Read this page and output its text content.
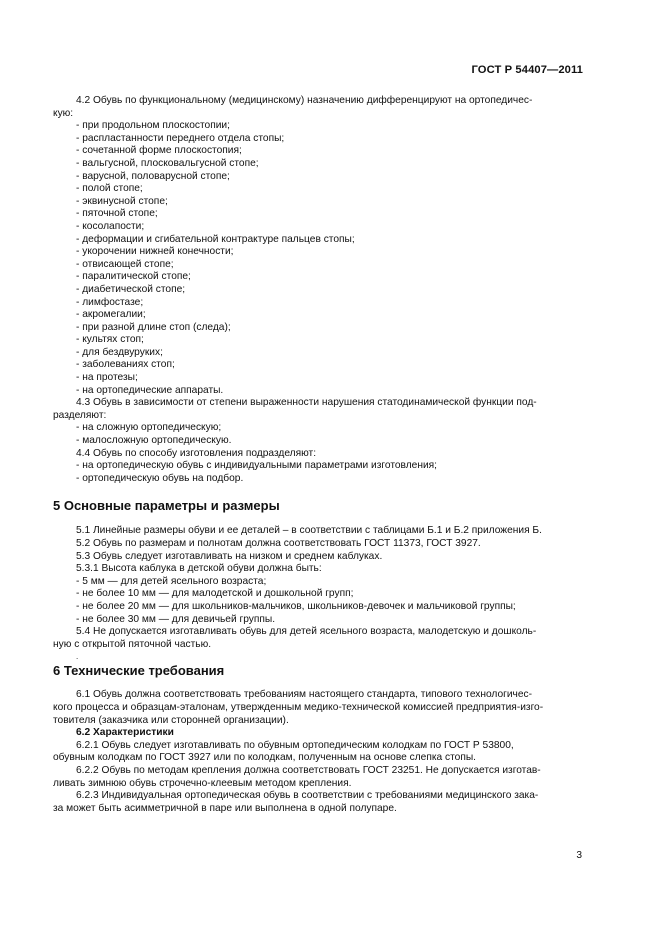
ГОСТ Р 54407—2011
4.2 Обувь по функциональному (медицинскому) назначению дифференцируют на ортопедичес-
кую:
- при продольном плоскостопии;
- распластанности переднего отдела стопы;
- сочетанной форме плоскостопия;
- вальгусной, плосковальгусной стопе;
- варусной, половарусной стопе;
- полой стопе;
- эквинусной стопе;
- пяточной стопе;
- косолапости;
- деформации и сгибательной контрактуре пальцев стопы;
- укорочении нижней конечности;
- отвисающей стопе;
- паралитической стопе;
- диабетической стопе;
- лимфостазе;
- акромегалии;
- при разной длине стоп (следа);
- культях стоп;
- для бездвуруких;
- заболеваниях стоп;
- на протезы;
- на ортопедические аппараты.
4.3 Обувь в зависимости от степени выраженности нарушения статодинамической функции под-
разделяют:
- на сложную ортопедическую;
- малосложную ортопедическую.
4.4 Обувь по способу изготовления подразделяют:
- на ортопедическую обувь с индивидуальными параметрами изготовления;
- ортопедическую обувь на подбор.
5 Основные параметры и размеры
5.1 Линейные размеры обуви и ее деталей – в соответствии с таблицами Б.1 и Б.2 приложения Б.
5.2 Обувь по размерам и полнотам должна соответствовать ГОСТ 11373, ГОСТ 3927.
5.3 Обувь следует изготавливать на низком и среднем каблуках.
5.3.1 Высота каблука в детской обуви должна быть:
- 5 мм — для детей ясельного возраста;
- не более 10 мм — для малодетской и дошкольной групп;
- не более 20 мм — для школьников-мальчиков, школьников-девочек и мальчиковой группы;
- не более 30 мм — для девичьей группы.
5.4 Не допускается изготавливать обувь для детей ясельного возраста, малодетскую и дошколь-
ную с открытой пяточной частью.
.
6 Технические требования
6.1 Обувь должна соответствовать требованиям настоящего стандарта, типового технологичес-
кого процесса и образцам-эталонам, утвержденным медико-технической комиссией предприятия-изго-
товителя (заказчика или сторонней организации).
6.2 Характеристики
6.2.1 Обувь следует изготавливать по обувным ортопедическим колодкам по ГОСТ Р 53800,
обувным колодкам по ГОСТ 3927 или по колодкам, полученным на основе слепка стопы.
6.2.2 Обувь по методам крепления должна соответствовать ГОСТ 23251. Не допускается изготав-
ливать зимнюю обувь строчечно-клеевым методом крепления.
6.2.3 Индивидуальная ортопедическая обувь в соответствии с требованиями медицинского зака-
за может быть асимметричной в паре или выполнена в одной полупаре.
3
